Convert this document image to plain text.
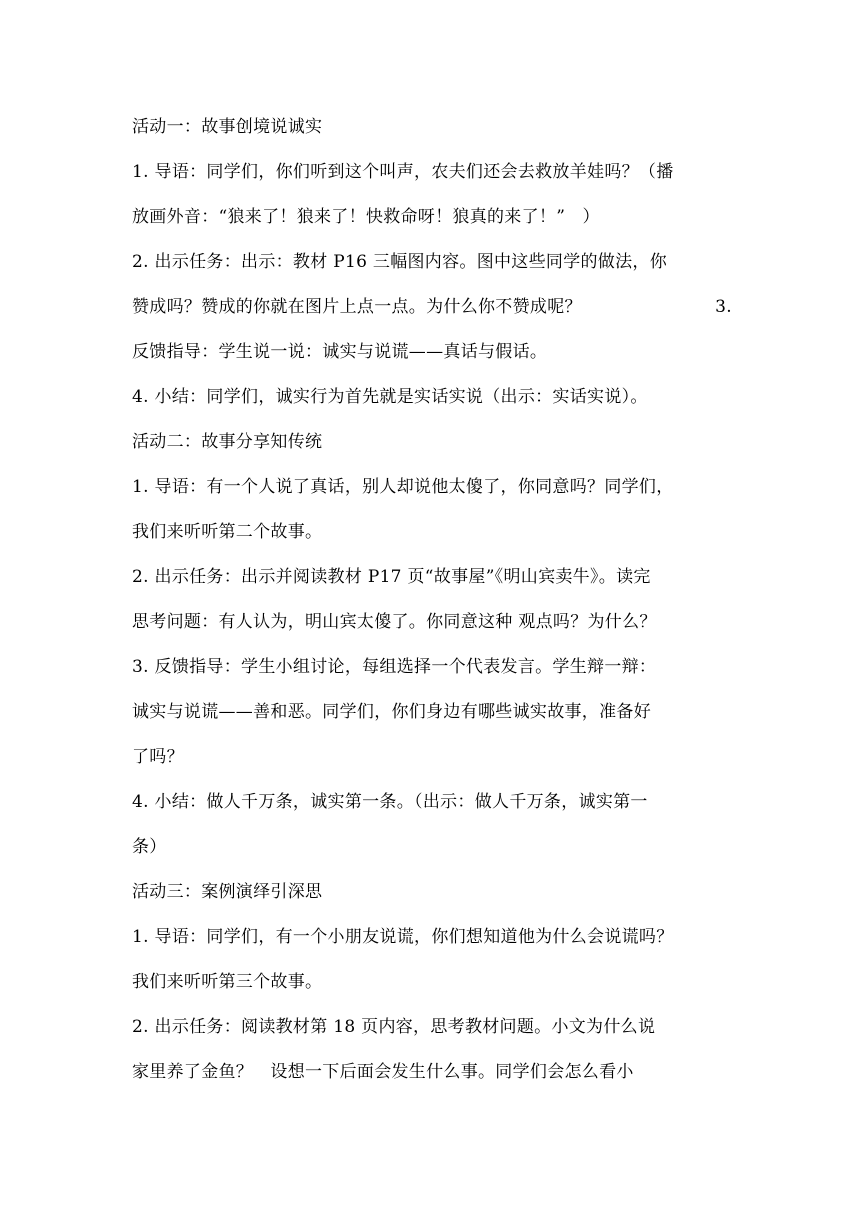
活动一：故事创境说诚实
1. 导语：同学们，你们听到这个叫声，农夫们还会去救放羊娃吗？（播
放画外音：“狼来了！狼来了！快救命呀！狼真的来了！”　）
2. 出示任务：出示：教材 P16 三幅图内容。图中这些同学的做法，你
赞成吗？赞成的你就在图片上点一点。为什么你不赞成呢？	3.
反馈指导：学生说一说：诚实与说谎——真话与假话。
4. 小结：同学们，诚实行为首先就是实话实说（出示：实话实说）。
活动二：故事分享知传统
1. 导语：有一个人说了真话，别人却说他太傻了，你同意吗？同学们，
我们来听听第二个故事。
2. 出示任务：出示并阅读教材 P17 页“故事屋”《明山宾卖牛》。读完
思考问题：有人认为，明山宾太傻了。你同意这种 观点吗？为什么？
3. 反馈指导：学生小组讨论，每组选择一个代表发言。学生辩一辩：
诚实与说谎——善和恶。同学们，你们身边有哪些诚实故事，准备好
了吗？
4. 小结：做人千万条，诚实第一条。（出示：做人千万条，诚实第一
条）
活动三：案例演绎引深思
1. 导语：同学们，有一个小朋友说谎，你们想知道他为什么会说谎吗？
我们来听听第三个故事。
2. 出示任务：阅读教材第 18 页内容，思考教材问题。小文为什么说
家里养了金鱼？　设想一下后面会发生什么事。同学们会怎么看小
